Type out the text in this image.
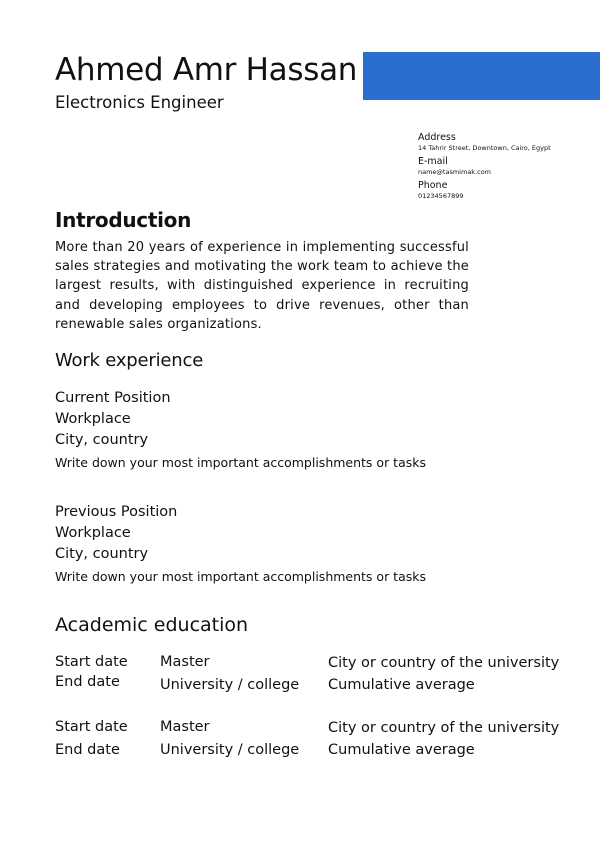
Ahmed Amr Hassan
Electronics Engineer
Address
14 Tahrir Street, Downtown, Cairo, Egypt
E-mail
name@tasmimak.com
Phone
01234567899
Introduction

More than 20 years of experience in implementing successful sales strategies and motivating the work team to achieve the largest results, with distinguished experience in recruiting and developing employees to drive revenues, other than renewable sales organizations.

Work experience
Current Position
Workplace
City, country
Write down your most important accomplishments or tasks
Previous Position
Workplace
City, country
Write down your most important accomplishments or tasks
Academic education
Start date
End date
Master
University / college
City or country of the university
Cumulative average
Start date
End date
Master
University / college
City or country of the university
Cumulative average
